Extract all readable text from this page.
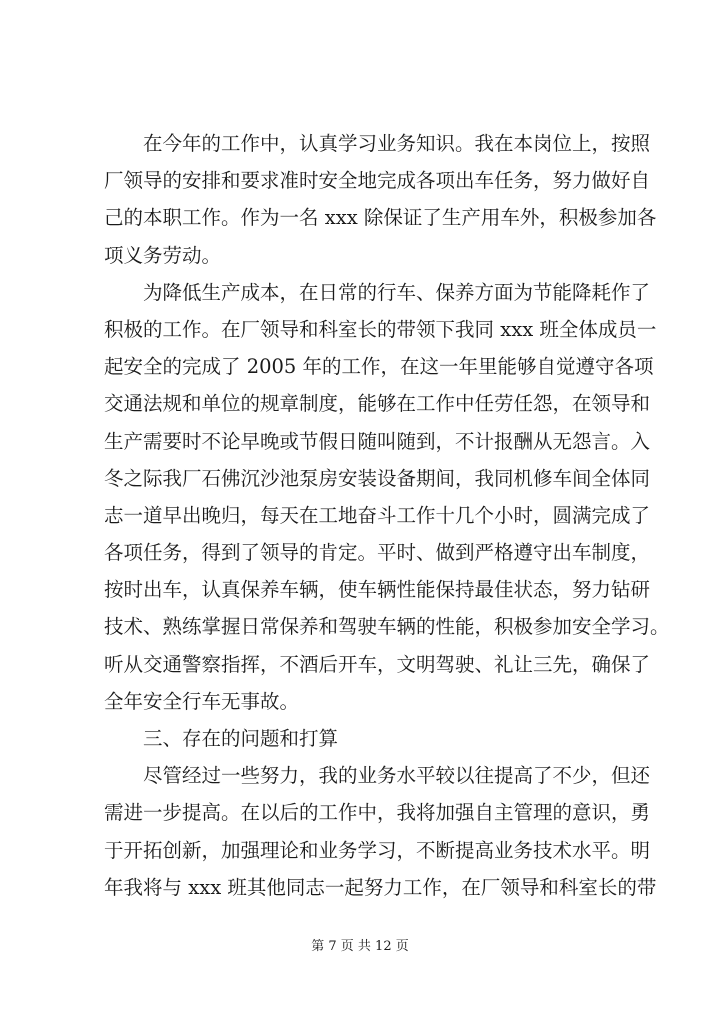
在今年的工作中，认真学习业务知识。我在本岗位上，按照
厂领导的安排和要求准时安全地完成各项出车任务，努力做好自
己的本职工作。作为一名 xxx 除保证了生产用车外，积极参加各
项义务劳动。
为降低生产成本，在日常的行车、保养方面为节能降耗作了
积极的工作。在厂领导和科室长的带领下我同 xxx 班全体成员一
起安全的完成了 2005 年的工作，在这一年里能够自觉遵守各项
交通法规和单位的规章制度，能够在工作中任劳任怨，在领导和
生产需要时不论早晚或节假日随叫随到，不计报酬从无怨言。入
冬之际我厂石佛沉沙池泵房安装设备期间，我同机修车间全体同
志一道早出晚归，每天在工地奋斗工作十几个小时，圆满完成了
各项任务，得到了领导的肯定。平时、做到严格遵守出车制度，
按时出车，认真保养车辆，使车辆性能保持最佳状态，努力钻研
技术、熟练掌握日常保养和驾驶车辆的性能，积极参加安全学习。
听从交通警察指挥，不酒后开车，文明驾驶、礼让三先，确保了
全年安全行车无事故。
三、存在的问题和打算
尽管经过一些努力，我的业务水平较以往提高了不少，但还
需进一步提高。在以后的工作中，我将加强自主管理的意识，勇
于开拓创新，加强理论和业务学习，不断提高业务技术水平。明
年我将与 xxx 班其他同志一起努力工作，在厂领导和科室长的带
第 7 页 共 12 页
